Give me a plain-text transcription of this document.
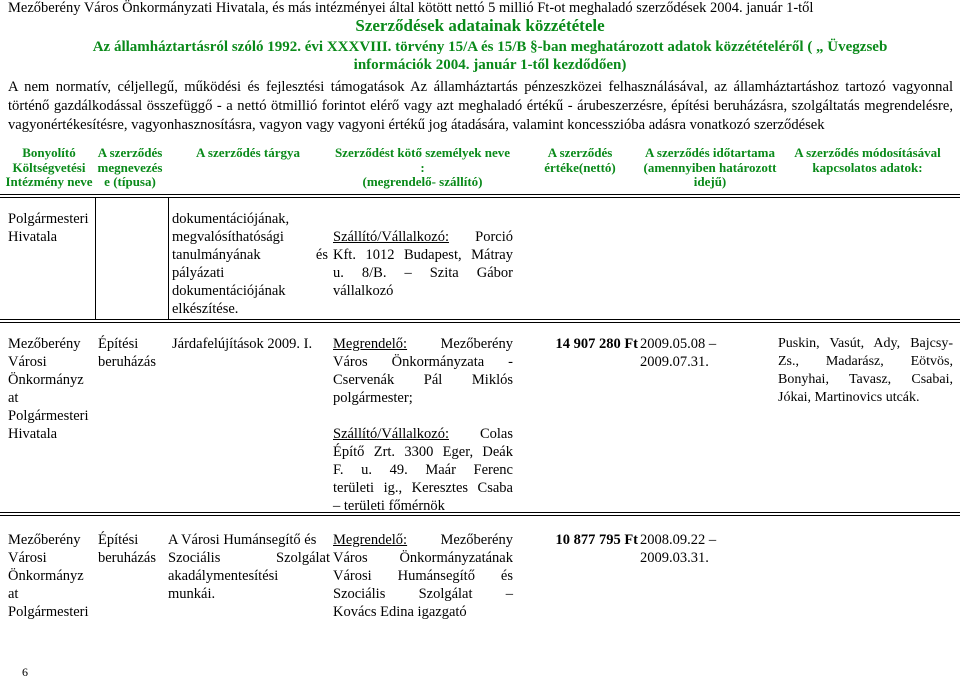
Mezőberény Város Önkormányzati Hivatala, és más intézményei által kötött nettó 5 millió Ft-ot meghaladó szerződések 2004. január 1-től
Szerződések adatainak közzététele
Az államháztartásról szóló 1992. évi XXXVIII. törvény 15/A és 15/B §-ban meghatározott adatok közzétételéről ( „ Üvegzseb
információk 2004. január 1-től kezdődően)
A nem normatív, céljellegű, működési és fejlesztési támogatások Az államháztartás pénzeszközei felhasználásával, az államháztartáshoz tartozó vagyonnal történő gazdálkodással összefüggő - a nettó ötmillió forintot elérő vagy azt meghaladó értékű - árubeszerzésre, építési beruházásra, szolgáltatás megrendelésre, vagyonértékesítésre, vagyonhasznosításra, vagyon vagy vagyoni értékű jog átadására, valamint koncesszióba adásra vonatkozó szerződések
Bonyolító
Költségvetési
Intézmény neve
A szerződés
megnevezés
e (típusa)
A szerződés tárgya	Szerződést kötő személyek neve
:
(megrendelő- szállító)
A szerződés
értéke(nettó)
A szerződés időtartama
(amennyiben határozott
idejű)
A szerződés módosításával
kapcsolatos adatok:
Polgármesteri
Hivatala
dokumentációjának,
megvalósíthatósági
tanulmányának és
pályázati
dokumentációjának
elkészítése.
Szállító/Vállalkozó: Porció
Kft. 1012 Budapest, Mátray
u. 8/B. – Szita Gábor
vállalkozó
Mezőberény
Városi
Önkormányz
at
Polgármesteri
Hivatala
Építési
beruházás
Járdafelújítások 2009. I.	Megrendelő: Mezőberény
Város Önkormányzata -
Cservenák Pál Miklós
polgármester;
Szállító/Vállalkozó: Colas
Építő Zrt. 3300 Eger, Deák
F. u. 49. Maár Ferenc
területi ig., Keresztes Csaba
– területi főmérnök
14 907 280 Ft 2009.05.08 –
2009.07.31.
Puskin, Vasút, Ady, Bajcsy-
Zs., Madarász, Eötvös,
Bonyhai, Tavasz, Csabai,
Jókai, Martinovics utcák.
Mezőberény
Városi
Önkormányz
at
Polgármesteri
Építési
beruházás
A Városi Humánsegítő és
Szociális Szolgálat
akadálymentesítési
munkái.
Megrendelő: Mezőberény
Város Önkormányzatának
Városi Humánsegítő és
Szociális Szolgálat –
Kovács Edina igazgató
10 877 795 Ft 2008.09.22 –
2009.03.31.
6
